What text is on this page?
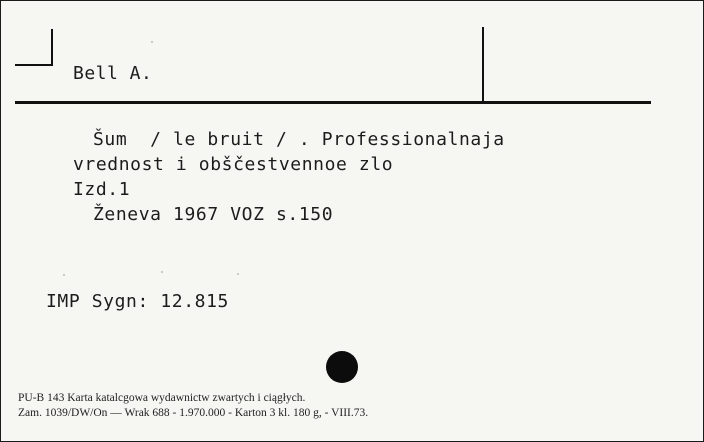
Bell A.
Šum  / le bruit / . Professionalnaja
vrednost i obščestvennoe zlo
Izd.1
Ženeva 1967 VOZ s.150
IMP Sygn: 12.815
PU-B 143 Karta katalcgowa wydawnictw zwartych i ciągłych.
Zam. 1039/DW/On — Wrak 688 - 1.970.000 - Karton 3 kl. 180 g, - VIII.73.
